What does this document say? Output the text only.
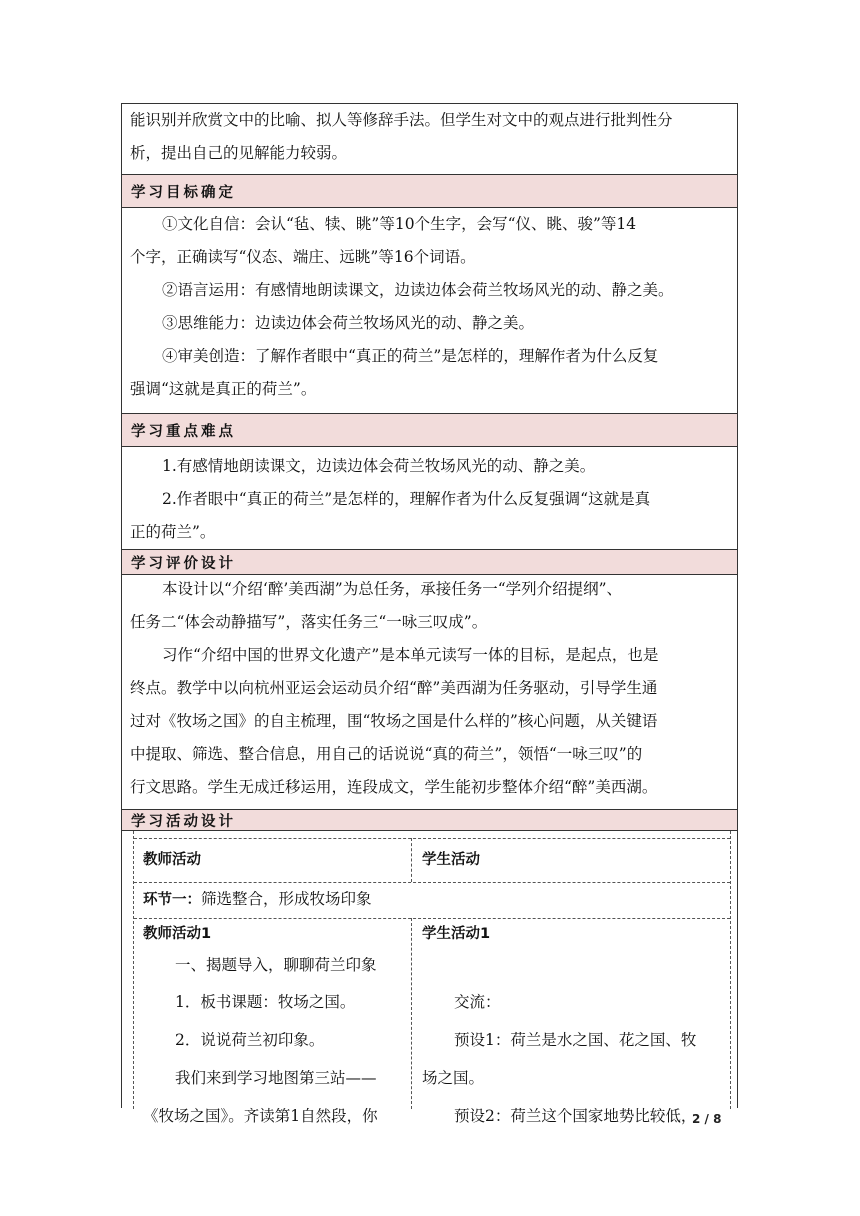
能识别并欣赏文中的比喻、拟人等修辞手法。但学生对文中的观点进行批判性分

析，提出自己的见解能力较弱。

学习目标确定

①文化自信：会认“毡、犊、眺”等10个生字，会写“仪、眺、骏”等14

个字，正确读写“仪态、端庄、远眺”等16个词语。

②语言运用：有感情地朗读课文，边读边体会荷兰牧场风光的动、静之美。

③思维能力：边读边体会荷兰牧场风光的动、静之美。

④审美创造：了解作者眼中“真正的荷兰”是怎样的，理解作者为什么反复

强调“这就是真正的荷兰”。

学习重点难点

1.有感情地朗读课文，边读边体会荷兰牧场风光的动、静之美。

2.作者眼中“真正的荷兰”是怎样的，理解作者为什么反复强调“这就是真

正的荷兰”。

学习评价设计

本设计以“介绍‘醉’美西湖”为总任务，承接任务一“学列介绍提纲”、

任务二“体会动静描写”，落实任务三“一咏三叹成”。

习作“介绍中国的世界文化遗产”是本单元读写一体的目标，是起点，也是

终点。教学中以向杭州亚运会运动员介绍“醉”美西湖为任务驱动，引导学生通

过对《牧场之国》的自主梳理，围“牧场之国是什么样的”核心问题，从关键语

中提取、筛选、整合信息，用自己的话说说“真的荷兰”，领悟“一咏三叹”的

行文思路。学生无成迁移运用，连段成文，学生能初步整体介绍“醉”美西湖。

学习活动设计
教师活动	学生活动
环节一：筛选整合，形成牧场印象
教师活动1
一、揭题导入，聊聊荷兰印象
1．板书课题：牧场之国。
2．说说荷兰初印象。
我们来到学习地图第三站——
《牧场之国》。齐读第1自然段，你
学生活动1
交流：
预设1：荷兰是水之国、花之国、牧
场之国。
预设2：荷兰这个国家地势比较低，
2 / 8
